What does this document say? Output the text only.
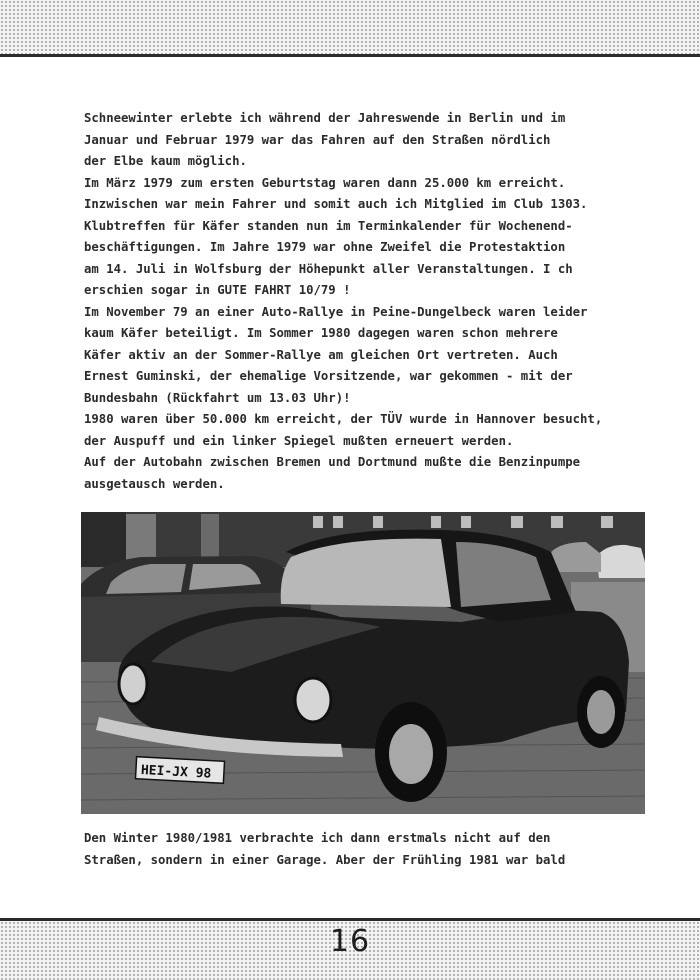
Schneewinter erlebte ich während der Jahreswende in Berlin und im
Januar und Februar 1979 war das Fahren auf den Straßen nördlich
der Elbe kaum möglich.
Im März 1979 zum ersten Geburtstag waren dann 25.000 km erreicht.
Inzwischen war mein Fahrer und somit auch ich Mitglied im Club 1303.
Klubtreffen für Käfer standen nun im Terminkalender für Wochenend-
beschäftigungen. Im Jahre 1979 war ohne Zweifel die Protestaktion
am 14. Juli in Wolfsburg der Höhepunkt aller Veranstaltungen. I ch
erschien sogar in GUTE FAHRT 10/79 !
Im November 79 an einer Auto-Rallye in Peine-Dungelbeck waren leider
kaum Käfer beteiligt. Im Sommer 1980 dagegen waren schon mehrere
Käfer aktiv an der Sommer-Rallye am gleichen Ort vertreten. Auch
Ernest Guminski, der ehemalige Vorsitzende, war gekommen - mit der
Bundesbahn (Rückfahrt um 13.03 Uhr)!
1980 waren über 50.000 km erreicht, der TÜV wurde in Hannover besucht,
der Auspuff und ein linker Spiegel mußten erneuert werden.
Auf der Autobahn zwischen Bremen und Dortmund mußte die Benzinpumpe
ausgetausch werden.
HEI-JX 98
Den Winter 1980/1981 verbrachte ich dann erstmals nicht auf den
Straßen, sondern in einer Garage. Aber der Frühling 1981 war bald
16
